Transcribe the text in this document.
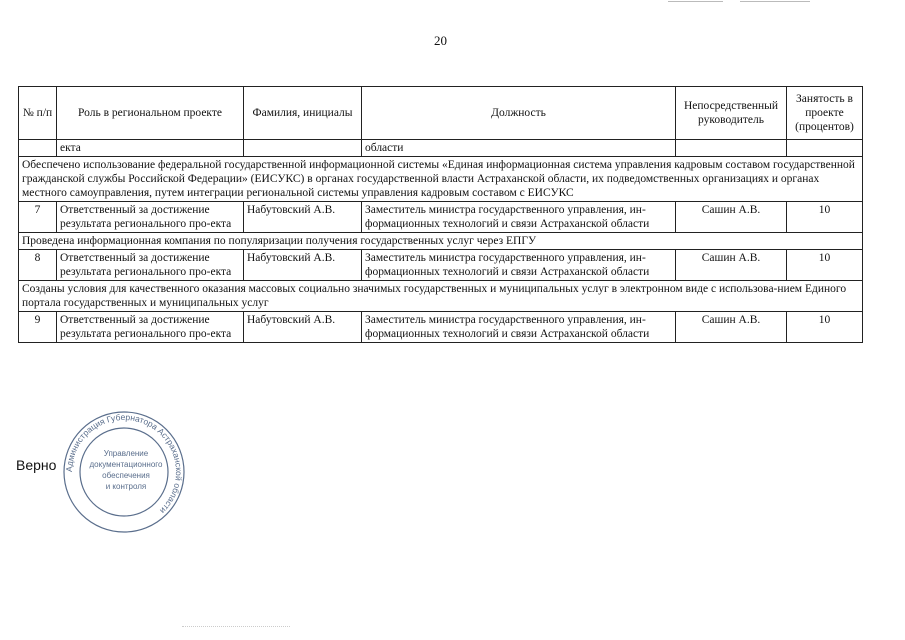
20
№ п/п	Роль в региональном проекте	Фамилия, инициалы	Должность	Непосредственный руководитель	Занятость в проекте (процентов)
	екта		области		
Обеспечено использование федеральной государственной информационной системы «Единая информационная система управления кадровым составом государственной гражданской службы Российской Федерации» (ЕИСУКС) в органах государственной власти Астраханской области, их подведомственных организациях и органах местного самоуправления, путем интеграции региональной системы управления кадровым составом с ЕИСУКС					
7	Ответственный за достижение результата регионального про-екта	Набутовский А.В.	Заместитель министра государственного управления, ин-формационных технологий и связи Астраханской области	Сашин А.В.	10
Проведена информационная компания по популяризации получения государственных услуг через ЕПГУ					
8	Ответственный за достижение результата регионального про-екта	Набутовский А.В.	Заместитель министра государственного управления, ин-формационных технологий и связи Астраханской области	Сашин А.В.	10
Созданы условия для качественного оказания массовых социально значимых государственных и муниципальных услуг в электронном виде с использова-нием Единого портала государственных и муниципальных услуг					
9	Ответственный за достижение результата регионального про-екта	Набутовский А.В.	Заместитель министра государственного управления, ин-формационных технологий и связи Астраханской области	Сашин А.В.	10
Верно Администрация Губернатора Астраханской области
Управление
документационного
обеспечения
и контроля
